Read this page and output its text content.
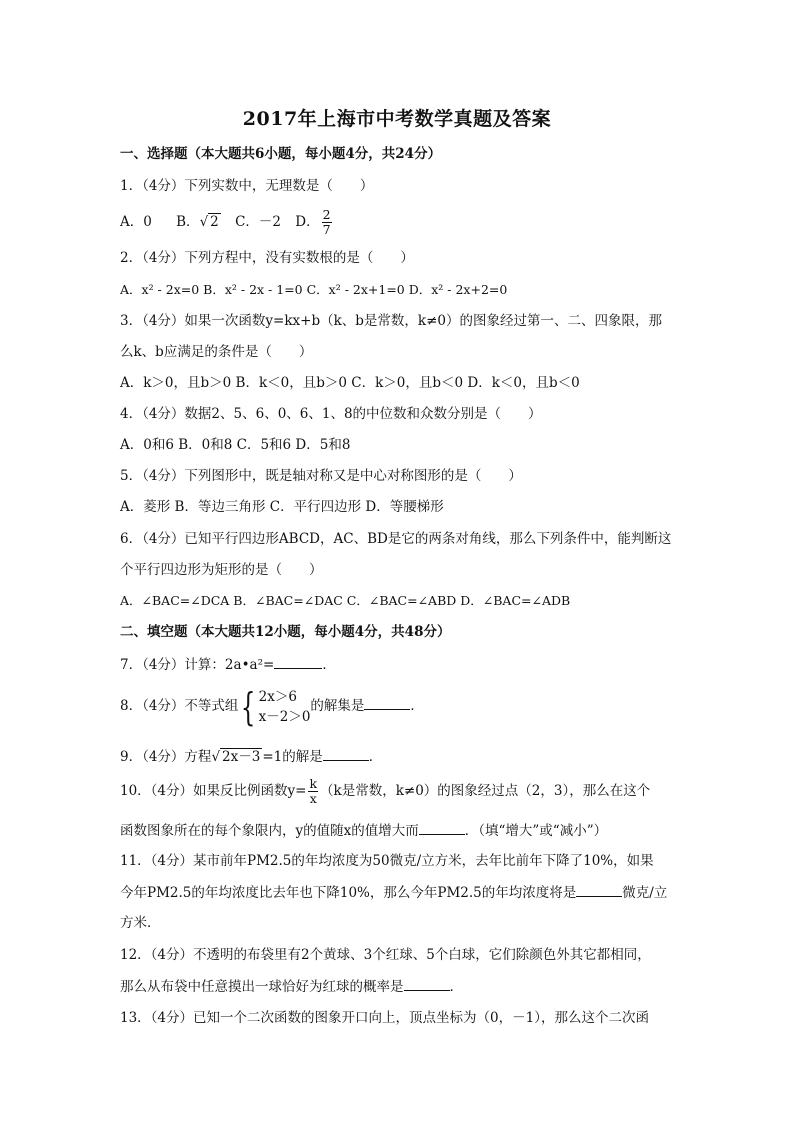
2017年上海市中考数学真题及答案
一、选择题（本大题共6小题，每小题4分，共24分）
1．（4分）下列实数中，无理数是（　　）
A．0 B．√ 2 C．－2 D． $\frac{2}{7}$
2．（4分）下列方程中，没有实数根的是（　　）
A．x² - 2x=0 B．x² - 2x - 1=0 C．x² - 2x+1=0 D．x² - 2x+2=0
3．（4分）如果一次函数y=kx+b（k、b是常数，k≠0）的图象经过第一、二、四象限，那
么k、b应满足的条件是（　　）
A．k＞0，且b＞0 B．k＜0，且b＞0 C．k＞0，且b＜0 D．k＜0，且b＜0
4．（4分）数据2、5、6、0、6、1、8的中位数和众数分别是（　　）
A．0和6 B．0和8 C．5和6 D．5和8
5．（4分）下列图形中，既是轴对称又是中心对称图形的是（　　）
A．菱形 B．等边三角形 C．平行四边形 D．等腰梯形
6．（4分）已知平行四边形ABCD，AC、BD是它的两条对角线，那么下列条件中，能判断这
个平行四边形为矩形的是（　　）
A．∠BAC=∠DCA B．∠BAC=∠DAC C．∠BAC=∠ABD D．∠BAC=∠ADB
二、填空题（本大题共12小题，每小题4分，共48分）
7．（4分）计算：2a•a²=	．
8．（4分）不等式组{ 2x＞6
x－2＞0
的解集是	．
9．（4分）方程√ 2x－3 =1的解是	．
10．（4分）如果反比例函数$y= \frac{k}{x} (k$是常数，k≠0）的图象经过点（2，3），那么在这个
函数图象所在的每个象限内，y的值随x的值增大而	．（填“增大”或“减小”）
11．（4分）某市前年PM2.5的年均浓度为50微克/立方米，去年比前年下降了10%，如果
今年PM2.5的年均浓度比去年也下降10%，那么今年PM2.5的年均浓度将是	微克/立
方米．
12．（4分）不透明的布袋里有2个黄球、3个红球、5个白球，它们除颜色外其它都相同，
那么从布袋中任意摸出一球恰好为红球的概率是	．
13．（4分）已知一个二次函数的图象开口向上，顶点坐标为（0，－1），那么这个二次函
